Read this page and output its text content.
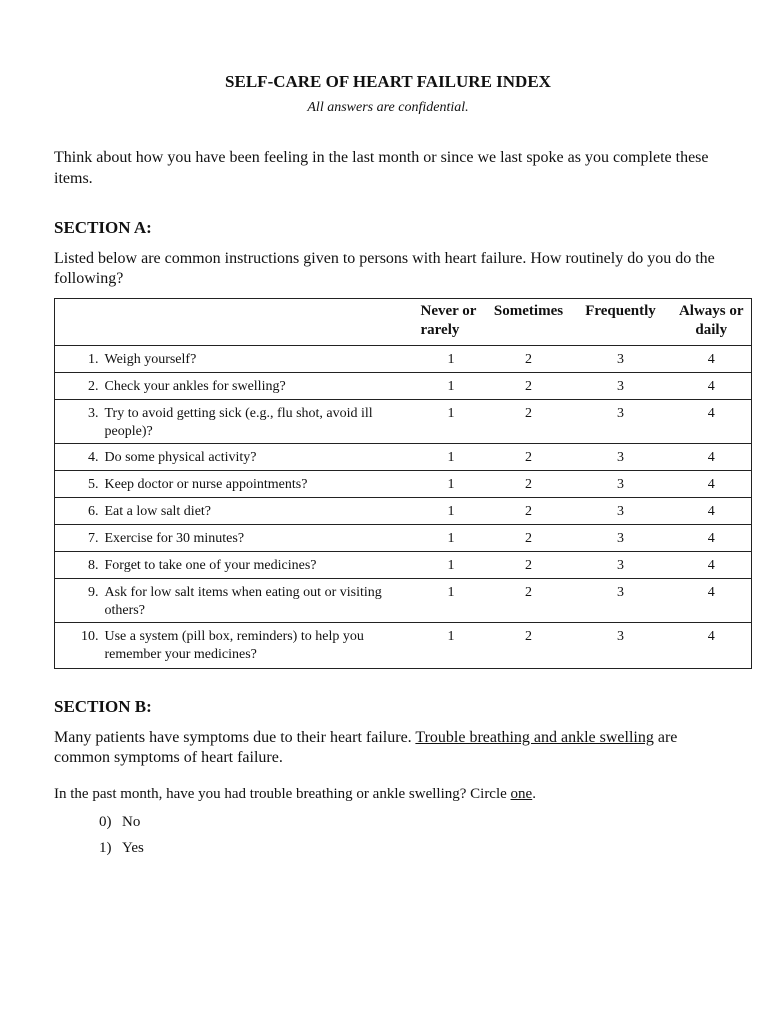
SELF-CARE OF HEART FAILURE INDEX
All answers are confidential.
Think about how you have been feeling in the last month or since we last spoke as you complete these items.
SECTION A:
Listed below are common instructions given to persons with heart failure. How routinely do you do the following?
		Never or rarely	Sometimes	Frequently	Always or daily
1.	Weigh yourself?	1	2	3	4
2.	Check your ankles for swelling?	1	2	3	4
3.	Try to avoid getting sick (e.g., flu shot, avoid ill people)?	1	2	3	4
4.	Do some physical activity?	1	2	3	4
5.	Keep doctor or nurse appointments?	1	2	3	4
6.	Eat a low salt diet?	1	2	3	4
7.	Exercise for 30 minutes?	1	2	3	4
8.	Forget to take one of your medicines?	1	2	3	4
9.	Ask for low salt items when eating out or visiting others?	1	2	3	4
10.	Use a system (pill box, reminders) to help you remember your medicines?	1	2	3	4
SECTION B:
Many patients have symptoms due to their heart failure. Trouble breathing and ankle swelling are common symptoms of heart failure.
In the past month, have you had trouble breathing or ankle swelling? Circle one.
0) No
1) Yes
